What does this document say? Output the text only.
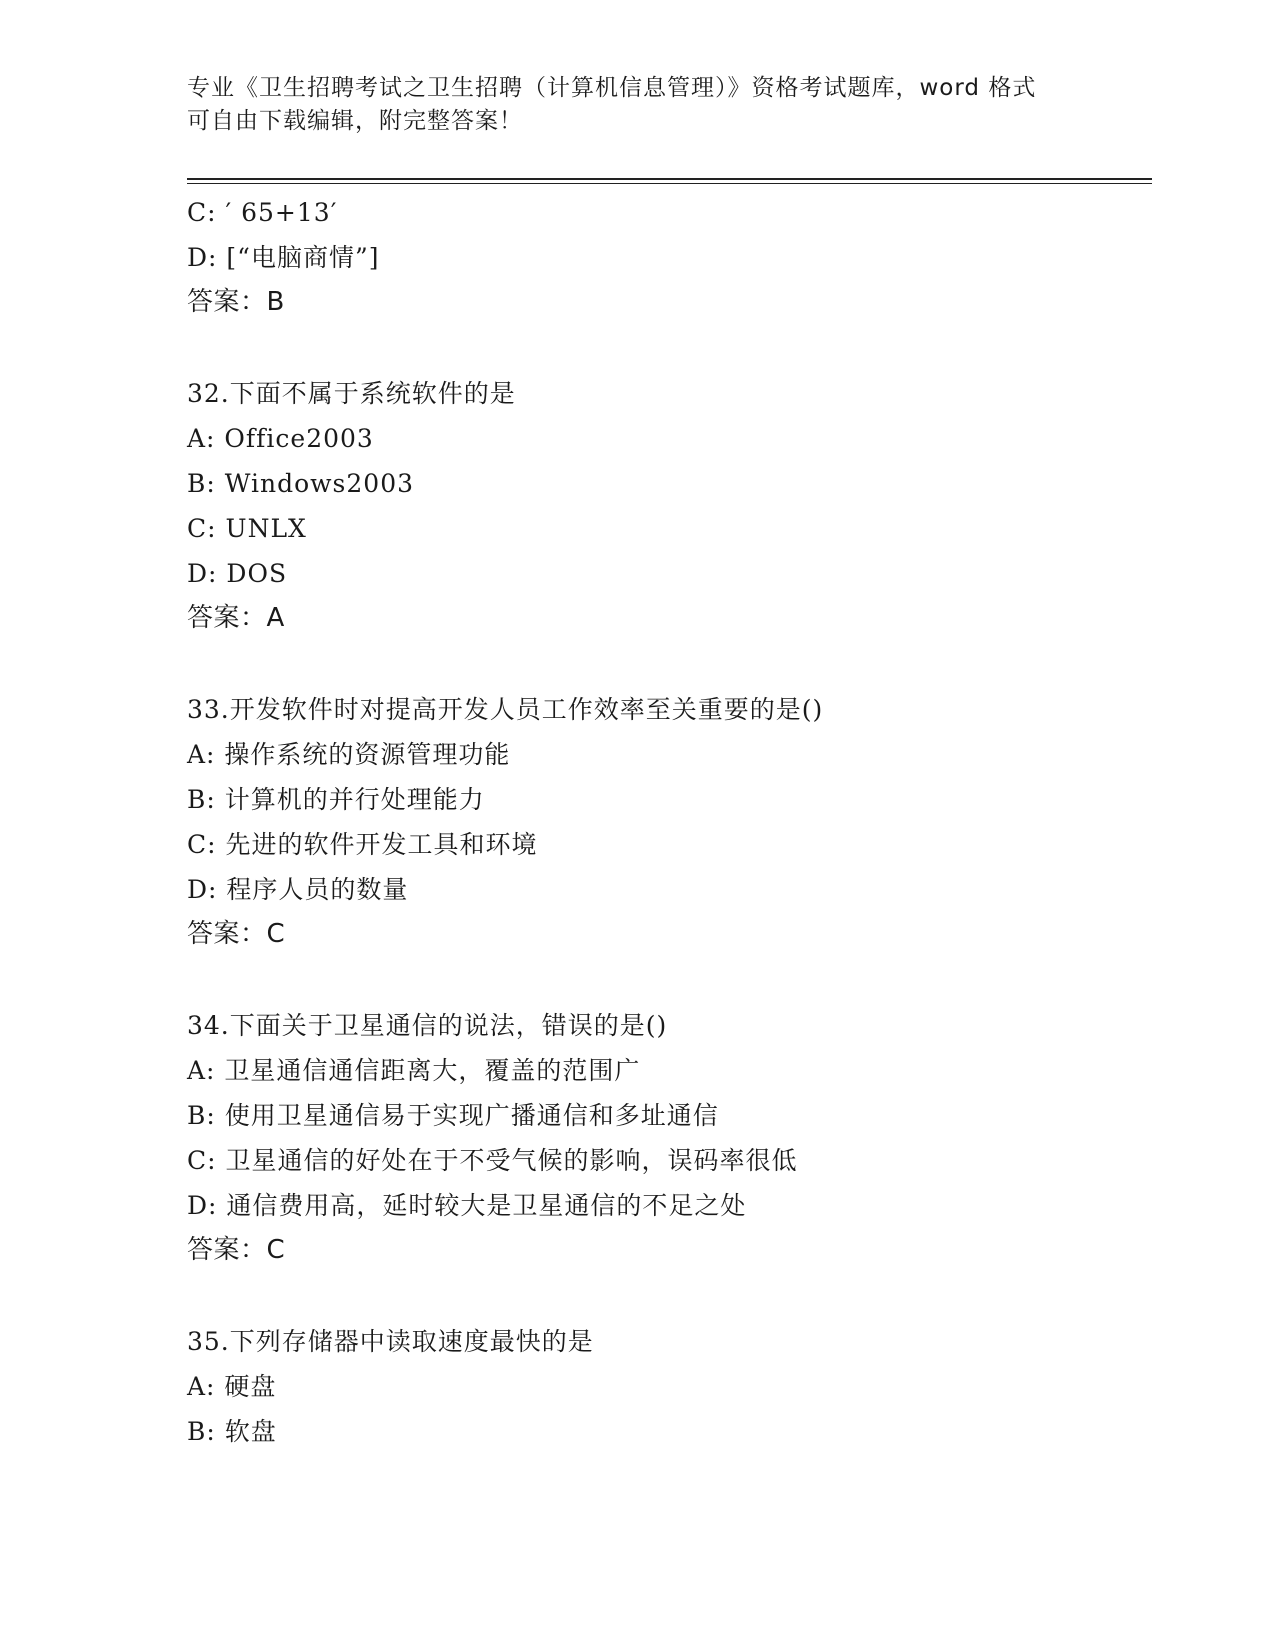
专业《卫生招聘考试之卫生招聘（计算机信息管理）》资格考试题库，word 格式
可自由下载编辑，附完整答案！
C: ′ 65+13′
D: [“电脑商情”]
答案：B
32.下面不属于系统软件的是
A: Office2003
B: Windows2003
C: UNLX
D: DOS
答案：A
33.开发软件时对提高开发人员工作效率至关重要的是()
A: 操作系统的资源管理功能
B: 计算机的并行处理能力
C: 先进的软件开发工具和环境
D: 程序人员的数量
答案：C
34.下面关于卫星通信的说法，错误的是()
A: 卫星通信通信距离大，覆盖的范围广
B: 使用卫星通信易于实现广播通信和多址通信
C: 卫星通信的好处在于不受气候的影响，误码率很低
D: 通信费用高，延时较大是卫星通信的不足之处
答案：C
35.下列存储器中读取速度最快的是
A: 硬盘
B: 软盘
